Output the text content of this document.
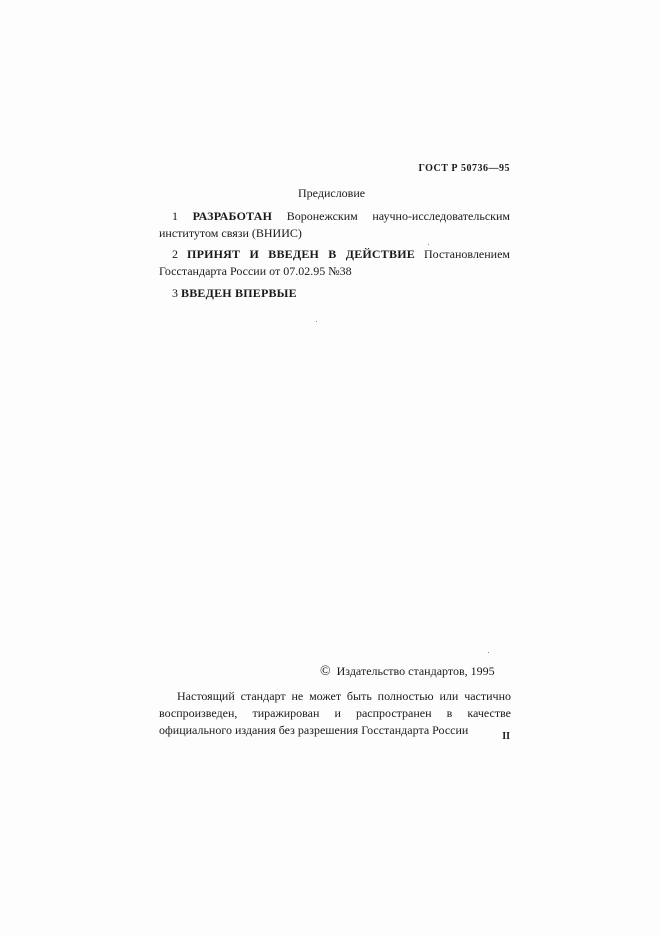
ГОСТ Р 50736—95
Предисловие
1 РАЗРАБОТАН Воронежским научно-исследовательским институтом связи (ВНИИС)
2 ПРИНЯТ И ВВЕДЕН В ДЕЙСТВИЕ Постановлением Госстандарта России от 07.02.95 №38
3 ВВЕДЕН ВПЕРВЫЕ
© Издательство стандартов, 1995
Настоящий стандарт не может быть полностью или частично воспроизведен, тиражирован и распространен в качестве официального издания без разрешения Госстандарта России	II
